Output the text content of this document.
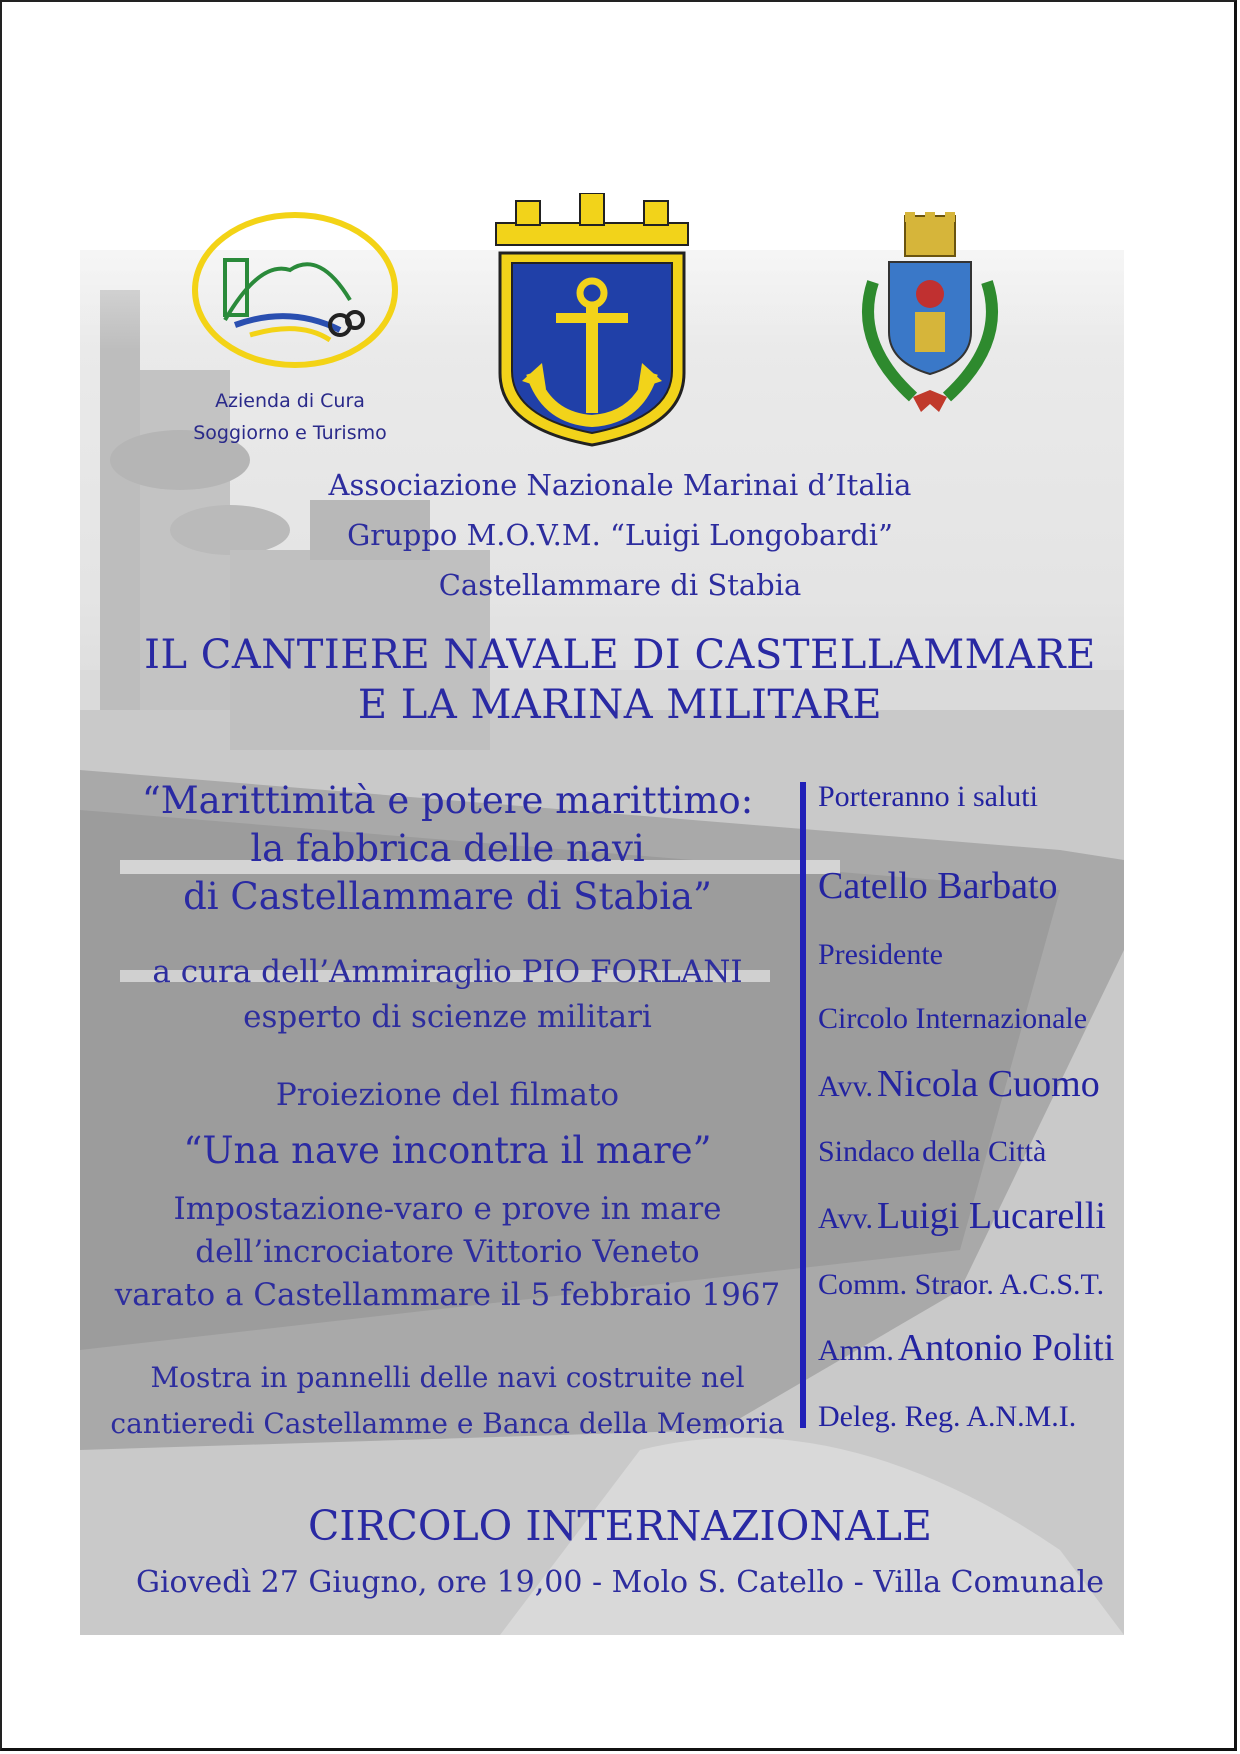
Azienda di Cura
Soggiorno e Turismo
Associazione Nazionale Marinai d’Italia
Gruppo M.O.V.M. “Luigi Longobardi”
Castellammare di Stabia
IL CANTIERE NAVALE DI CASTELLAMMARE
E LA MARINA MILITARE
“Marittimità e potere marittimo:
la fabbrica delle navi
di Castellammare di Stabia”
a cura dell’Ammiraglio PIO FORLANI
esperto di scienze militari
Proiezione del filmato
“Una nave incontra il mare”
Impostazione-varo e prove in mare
dell’incrociatore Vittorio Veneto
varato a Castellammare il 5 febbraio 1967
Mostra in pannelli delle navi costruite nel
cantieredi Castellamme e Banca della Memoria
Porteranno i saluti
Catello Barbato
Presidente
Circolo Internazionale
Avv. Nicola Cuomo
Sindaco della Città
Avv. Luigi Lucarelli
Comm. Straor. A.C.S.T.
Amm. Antonio Politi
Deleg. Reg. A.N.M.I.
CIRCOLO INTERNAZIONALE
Giovedì 27 Giugno, ore 19,00 - Molo S. Catello - Villa Comunale
